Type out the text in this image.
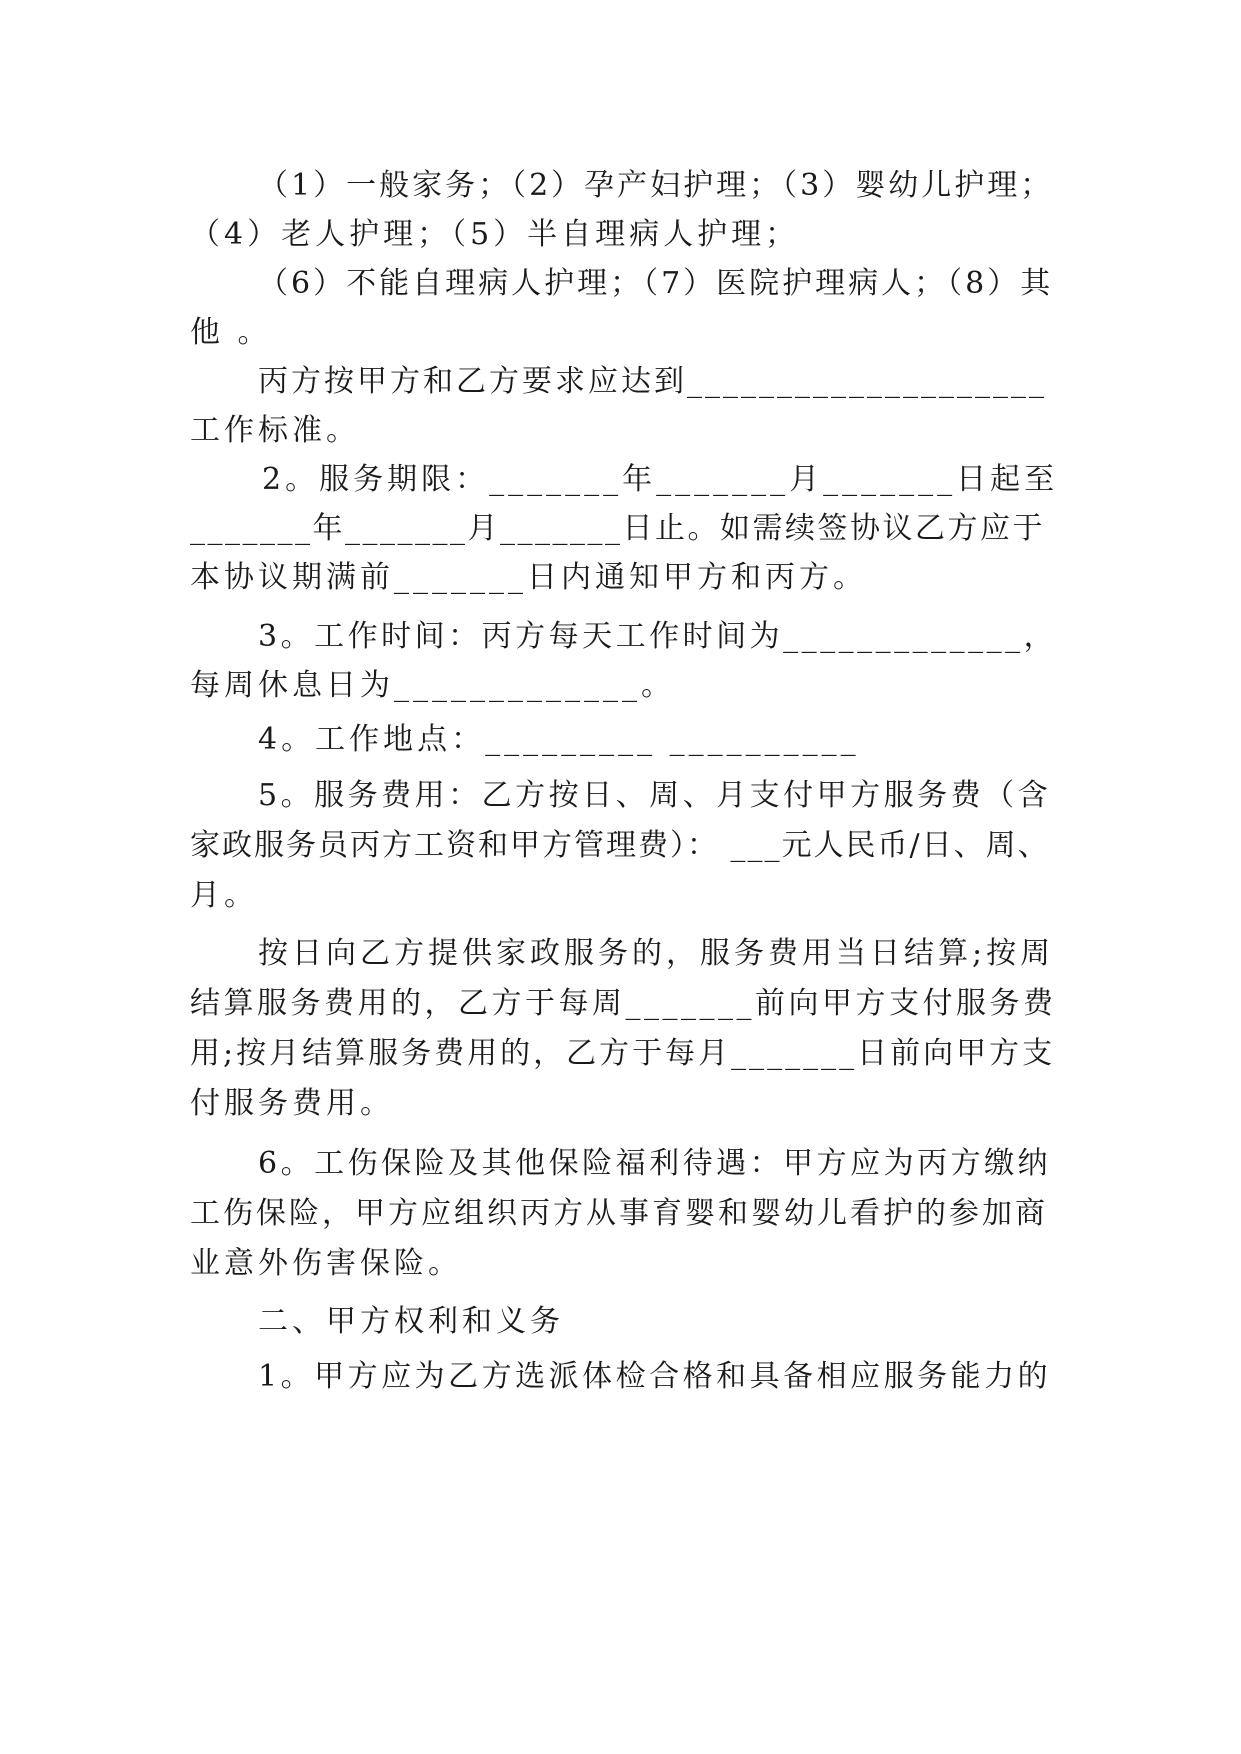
（1）一般家务；（2）孕产妇护理；（3）婴幼儿护理；

（4）老人护理；（5）半自理病人护理；

（6）不能自理病人护理；（7）医院护理病人；（8）其

他 。

丙方按甲方和乙方要求应达到____________________

工作标准。

2。服务期限：_______年_______月_______日起至

_______年_______月_______日止。如需续签协议乙方应于

本协议期满前_______日内通知甲方和丙方。

3。工作时间：丙方每天工作时间为_____________，

每周休息日为_____________。

4。工作地点：_________ __________

5。服务费用：乙方按日、周、月支付甲方服务费（含

家政服务员丙方工资和甲方管理费）： ___元人民币/日、周、

月。

按日向乙方提供家政服务的，服务费用当日结算;按周

结算服务费用的，乙方于每周_______前向甲方支付服务费

用;按月结算服务费用的，乙方于每月_______日前向甲方支

付服务费用。

6。工伤保险及其他保险福利待遇：甲方应为丙方缴纳

工伤保险，甲方应组织丙方从事育婴和婴幼儿看护的参加商

业意外伤害保险。

二、甲方权利和义务

1。甲方应为乙方选派体检合格和具备相应服务能力的
